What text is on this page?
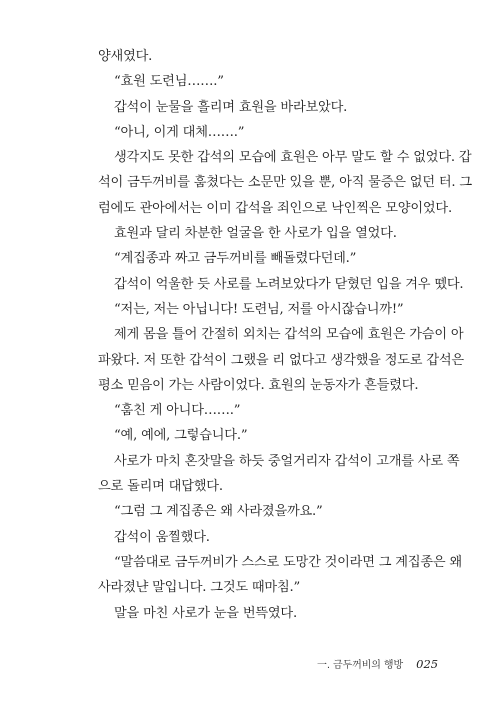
양새였다.
“효원 도련님…….”
갑석이 눈물을 흘리며 효원을 바라보았다.
“아니, 이게 대체…….”
생각지도 못한 갑석의 모습에 효원은 아무 말도 할 수 없었다. 갑
석이 금두꺼비를 훔쳤다는 소문만 있을 뿐, 아직 물증은 없던 터. 그
럼에도 관아에서는 이미 갑석을 죄인으로 낙인찍은 모양이었다.
효원과 달리 차분한 얼굴을 한 사로가 입을 열었다.
“계집종과 짜고 금두꺼비를 빼돌렸다던데.”
갑석이 억울한 듯 사로를 노려보았다가 닫혔던 입을 겨우 뗐다.
“저는, 저는 아닙니다! 도련님, 저를 아시잖습니까!”
제게 몸을 틀어 간절히 외치는 갑석의 모습에 효원은 가슴이 아
파왔다. 저 또한 갑석이 그랬을 리 없다고 생각했을 정도로 갑석은
평소 믿음이 가는 사람이었다. 효원의 눈동자가 흔들렸다.
“훔친 게 아니다…….”
“예, 예에, 그렇습니다.”
사로가 마치 혼잣말을 하듯 중얼거리자 갑석이 고개를 사로 쪽
으로 돌리며 대답했다.
“그럼 그 계집종은 왜 사라졌을까요.”
갑석이 움찔했다.
“말씀대로 금두꺼비가 스스로 도망간 것이라면 그 계집종은 왜
사라졌냔 말입니다. 그것도 때마침.”
말을 마친 사로가 눈을 번뜩였다.
一. 금두꺼비의 행방 025
